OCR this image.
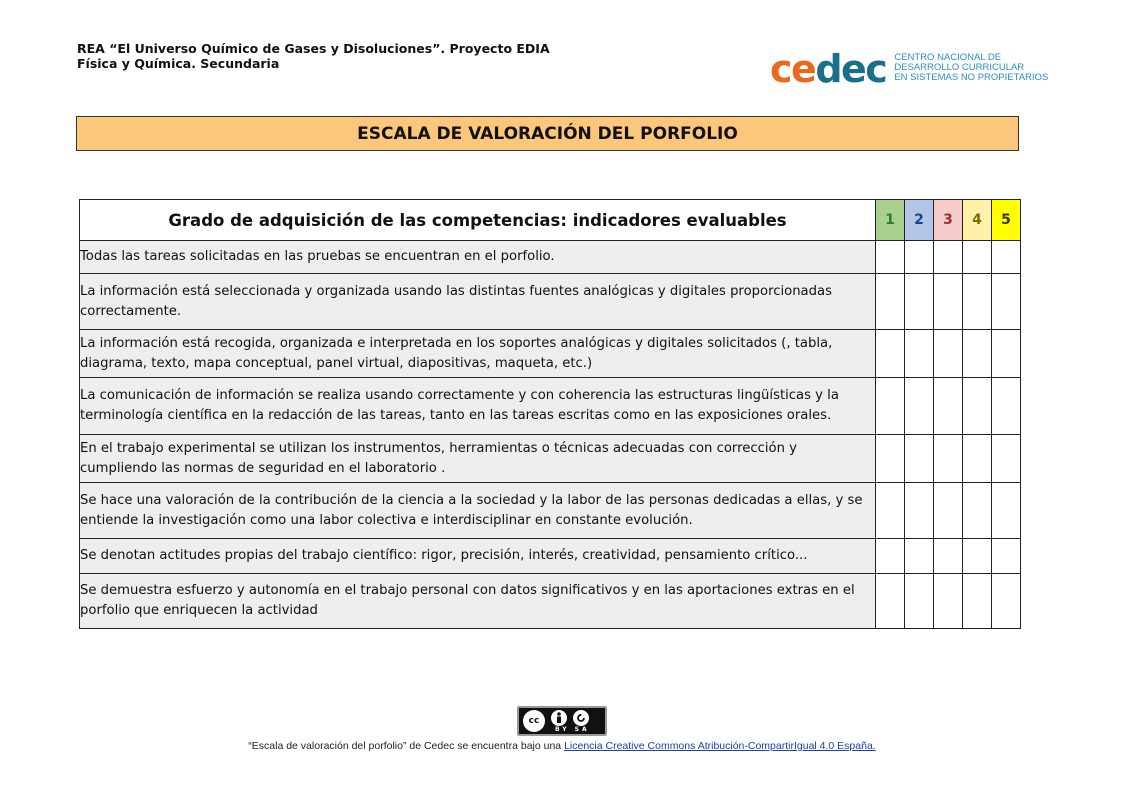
REA “El Universo Químico de Gases y Disoluciones”. Proyecto EDIA
Física y Química. Secundaria	cedec CENTRO NACIONAL DE
DESARROLLO CURRICULAR
EN SISTEMAS NO PROPIETARIOS
ESCALA DE VALORACIÓN DEL PORFOLIO
Grado de adquisición de las competencias: indicadores evaluables	1	2	3	4	5
Todas las tareas solicitadas en las pruebas se encuentran en el porfolio.					
La información está seleccionada y organizada usando las distintas fuentes analógicas y digitales proporcionadas correctamente.					
La información está recogida, organizada e interpretada en los soportes analógicas y digitales solicitados (, tabla, diagrama, texto, mapa conceptual, panel virtual, diapositivas, maqueta, etc.)					
La comunicación de información se realiza usando correctamente y con coherencia las estructuras lingüísticas y la terminología científica en la redacción de las tareas, tanto en las tareas escritas como en las exposiciones orales.					
En el trabajo experimental se utilizan los instrumentos, herramientas o técnicas adecuadas con corrección y cumpliendo las normas de seguridad en el laboratorio .					
Se hace una valoración de la contribución de la ciencia a la sociedad y la labor de las personas dedicadas a ellas, y se entiende la investigación como una labor colectiva e interdisciplinar en constante evolución.					
Se denotan actitudes propias del trabajo científico: rigor, precisión, interés, creatividad, pensamiento crítico...					
Se demuestra esfuerzo y autonomía en el trabajo personal con datos significativos y en las aportaciones extras en el porfolio que enriquecen la actividad					
cc
BY SA
“Escala de valoración del porfolio” de Cedec se encuentra bajo una Licencia Creative Commons Atribución-CompartirIgual 4.0 España.
